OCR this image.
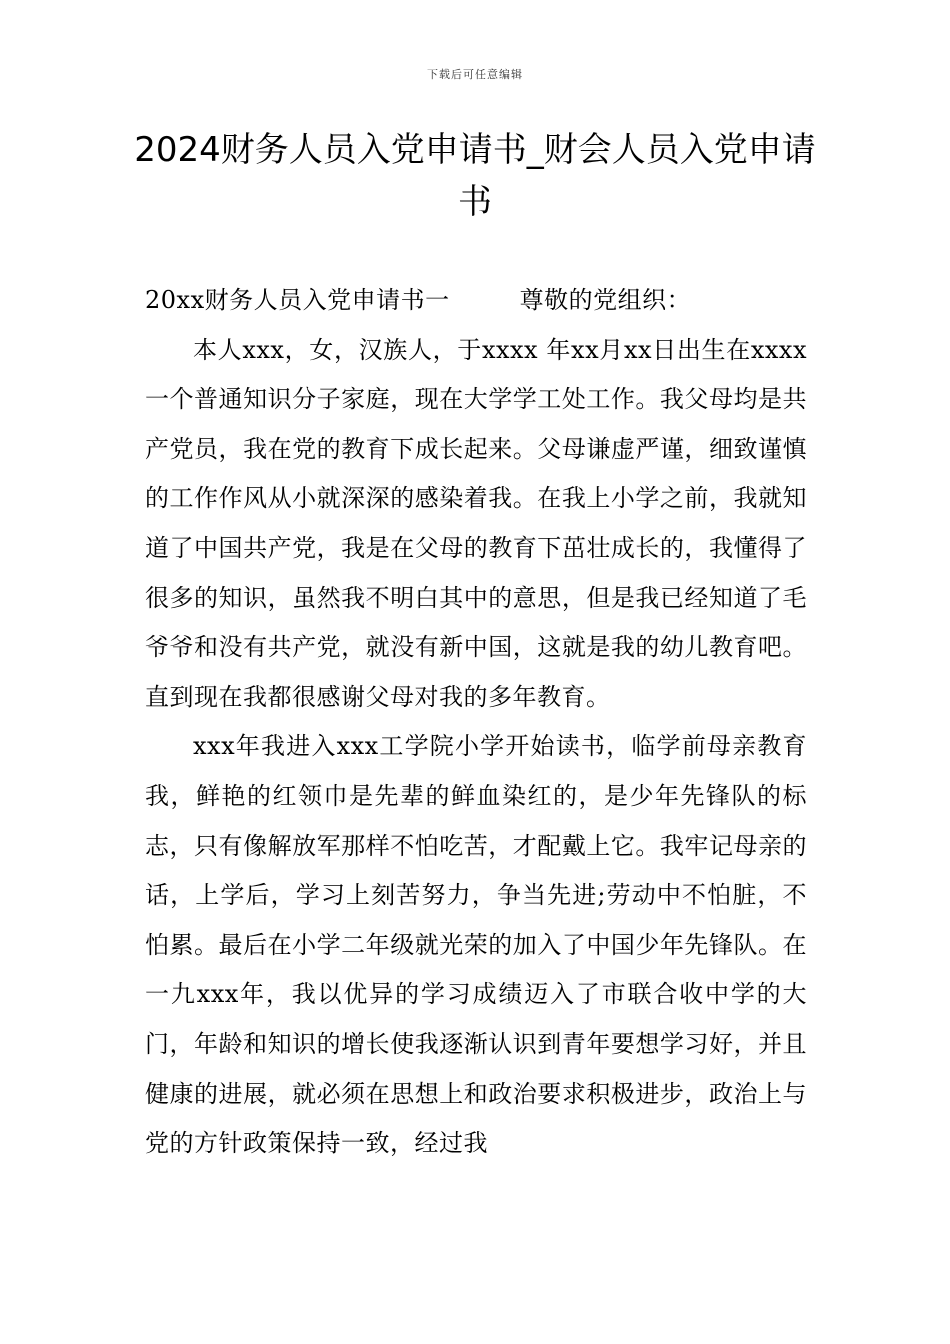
下载后可任意编辑
2024财务人员入党申请书_财会人员入党申请书
20xx财务人员入党申请书一	尊敬的党组织：

本人xxx，女，汉族人，于xxxx 年xx月xx日出生在xxxx一个普通知识分子家庭，现在大学学工处工作。我父母均是共产党员，我在党的教育下成长起来。父母谦虚严谨，细致谨慎的工作作风从小就深深的感染着我。在我上小学之前，我就知道了中国共产党，我是在父母的教育下茁壮成长的，我懂得了很多的知识，虽然我不明白其中的意思，但是我已经知道了毛爷爷和没有共产党，就没有新中国，这就是我的幼儿教育吧。直到现在我都很感谢父母对我的多年教育。

xxx年我进入xxx工学院小学开始读书，临学前母亲教育我，鲜艳的红领巾是先辈的鲜血染红的，是少年先锋队的标志，只有像解放军那样不怕吃苦，才配戴上它。我牢记母亲的话，上学后，学习上刻苦努力，争当先进;劳动中不怕脏，不怕累。最后在小学二年级就光荣的加入了中国少年先锋队。在一九xxx年，我以优异的学习成绩迈入了市联合收中学的大门，年龄和知识的增长使我逐渐认识到青年要想学习好，并且健康的进展，就必须在思想上和政治要求积极进步，政治上与党的方针政策保持一致，经过我
